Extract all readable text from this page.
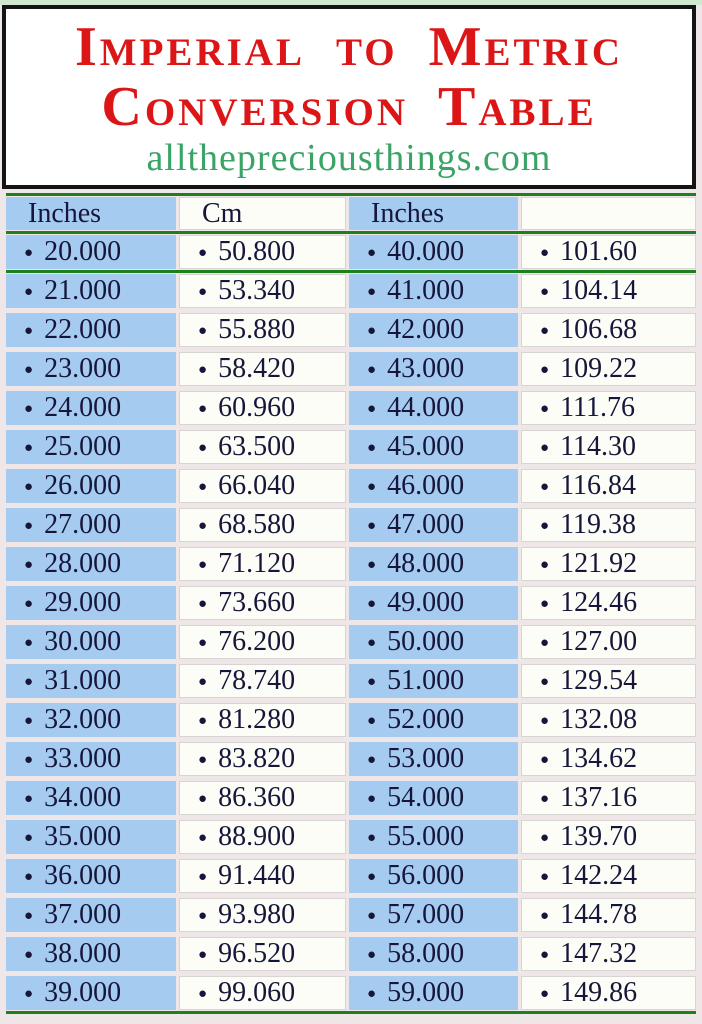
Imperial to Metric
Conversion Table
allthepreciousthings.com
Inches	Cm	Inches
● 20.000	● 50.800	● 40.000	● 101.60
● 21.000	● 53.340	● 41.000	● 104.14
● 22.000	● 55.880	● 42.000	● 106.68
● 23.000	● 58.420	● 43.000	● 109.22
● 24.000	● 60.960	● 44.000	● 111.76
● 25.000	● 63.500	● 45.000	● 114.30
● 26.000	● 66.040	● 46.000	● 116.84
● 27.000	● 68.580	● 47.000	● 119.38
● 28.000	● 71.120	● 48.000	● 121.92
● 29.000	● 73.660	● 49.000	● 124.46
● 30.000	● 76.200	● 50.000	● 127.00
● 31.000	● 78.740	● 51.000	● 129.54
● 32.000	● 81.280	● 52.000	● 132.08
● 33.000	● 83.820	● 53.000	● 134.62
● 34.000	● 86.360	● 54.000	● 137.16
● 35.000	● 88.900	● 55.000	● 139.70
● 36.000	● 91.440	● 56.000	● 142.24
● 37.000	● 93.980	● 57.000	● 144.78
● 38.000	● 96.520	● 58.000	● 147.32
● 39.000	● 99.060	● 59.000	● 149.86
